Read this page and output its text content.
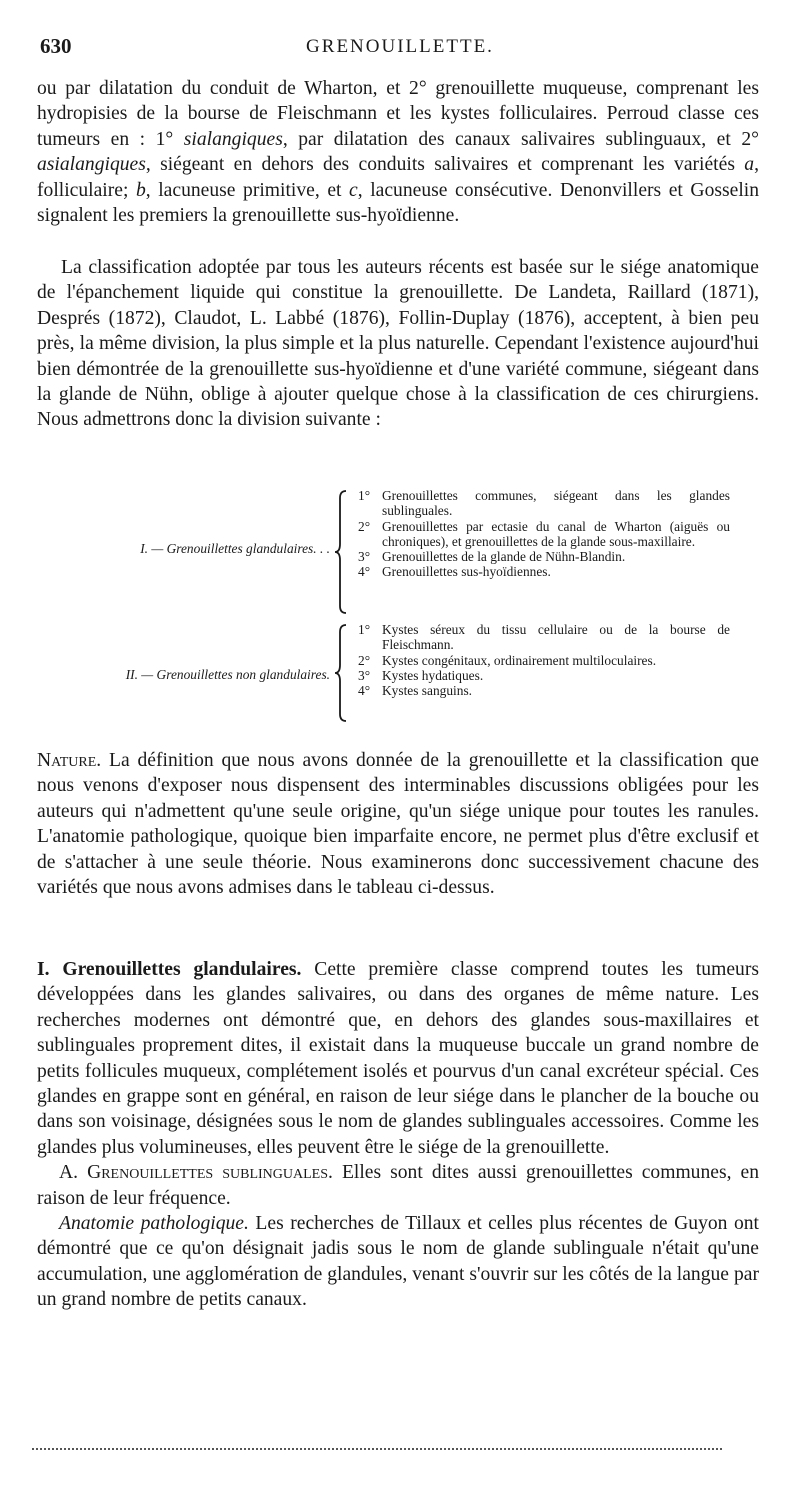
630	GRENOUILLETTE.

ou par dilatation du conduit de Wharton, et 2° grenouillette muqueuse, comprenant les hydropisies de la bourse de Fleischmann et les kystes folliculaires. Perroud classe ces tumeurs en : 1° sialangiques, par dilatation des canaux salivaires sublinguaux, et 2° asialangiques, siégeant en dehors des conduits salivaires et comprenant les variétés a, folliculaire; b, lacuneuse primitive, et c, lacuneuse consécutive. Denonvillers et Gosselin signalent les premiers la grenouillette sus-hyoïdienne.

La classification adoptée par tous les auteurs récents est basée sur le siége anatomique de l'épanchement liquide qui constitue la grenouillette. De Landeta, Raillard (1871), Després (1872), Claudot, L. Labbé (1876), Follin-Duplay (1876), acceptent, à bien peu près, la même division, la plus simple et la plus naturelle. Cependant l'existence aujourd'hui bien démontrée de la grenouillette sus-hyoïdienne et d'une variété commune, siégeant dans la glande de Nühn, oblige à ajouter quelque chose à la classification de ces chirurgiens. Nous admettrons donc la division suivante :

I. — Grenouillettes glandulaires. . .
1° Grenouillettes communes, siégeant dans les glandes sublinguales.
2° Grenouillettes par ectasie du canal de Wharton (aiguës ou chroniques), et grenouillettes de la glande sous-maxillaire.
3° Grenouillettes de la glande de Nühn-Blandin.
4° Grenouillettes sus-hyoïdiennes.
II. — Grenouillettes non glandulaires.
1° Kystes séreux du tissu cellulaire ou de la bourse de Fleischmann.
2° Kystes congénitaux, ordinairement multiloculaires.
3° Kystes hydatiques.
4° Kystes sanguins.

Nature. La définition que nous avons donnée de la grenouillette et la classification que nous venons d'exposer nous dispensent des interminables discussions obligées pour les auteurs qui n'admettent qu'une seule origine, qu'un siége unique pour toutes les ranules. L'anatomie pathologique, quoique bien imparfaite encore, ne permet plus d'être exclusif et de s'attacher à une seule théorie. Nous examinerons donc successivement chacune des variétés que nous avons admises dans le tableau ci-dessus.

I. Grenouillettes glandulaires. Cette première classe comprend toutes les tumeurs développées dans les glandes salivaires, ou dans des organes de même nature. Les recherches modernes ont démontré que, en dehors des glandes sous-maxillaires et sublinguales proprement dites, il existait dans la muqueuse buccale un grand nombre de petits follicules muqueux, complétement isolés et pourvus d'un canal excréteur spécial. Ces glandes en grappe sont en général, en raison de leur siége dans le plancher de la bouche ou dans son voisinage, désignées sous le nom de glandes sublinguales accessoires. Comme les glandes plus volumineuses, elles peuvent être le siége de la grenouillette.

A. Grenouillettes sublinguales. Elles sont dites aussi grenouillettes communes, en raison de leur fréquence.

Anatomie pathologique. Les recherches de Tillaux et celles plus récentes de Guyon ont démontré que ce qu'on désignait jadis sous le nom de glande sublinguale n'était qu'une accumulation, une agglomération de glandules, venant s'ouvrir sur les côtés de la langue par un grand nombre de petits canaux.
